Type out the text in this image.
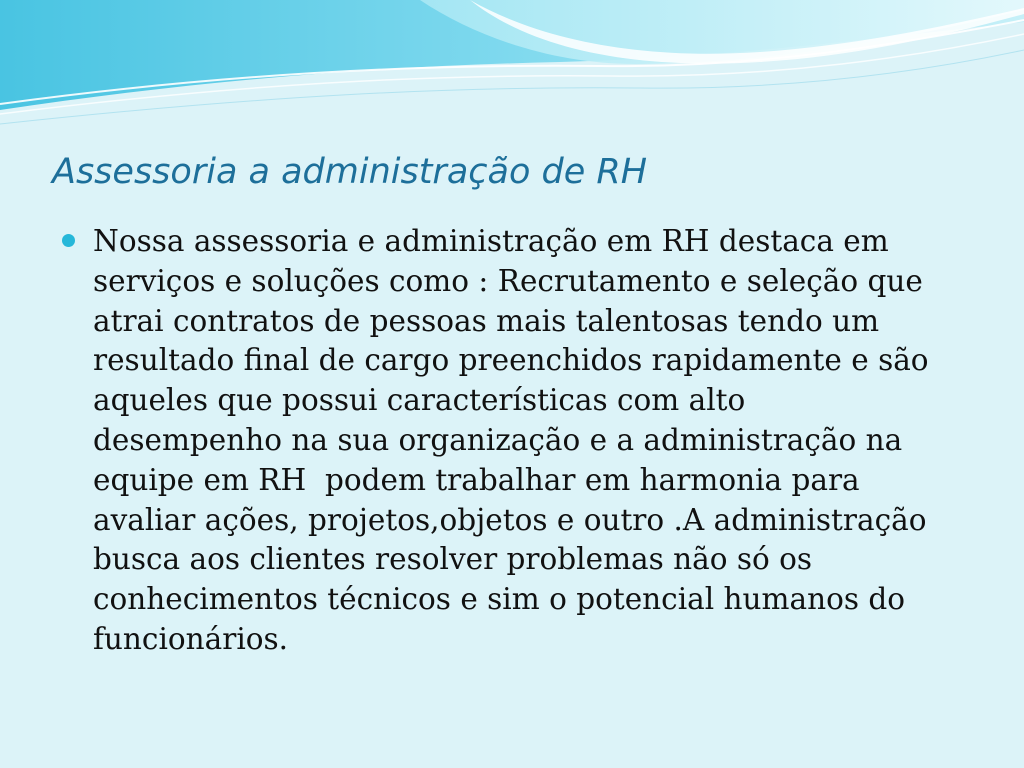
Assessoria a administração de RH
Nossa assessoria e administração em RH destaca em
serviços e soluções como : Recrutamento e seleção que
atrai contratos de pessoas mais talentosas tendo um
resultado final de cargo preenchidos rapidamente e são
aqueles que possui características com alto
desempenho na sua organização e a administração na
equipe em RH  podem trabalhar em harmonia para
avaliar ações, projetos,objetos e outro .A administração
busca aos clientes resolver problemas não só os
conhecimentos técnicos e sim o potencial humanos do
funcionários.
